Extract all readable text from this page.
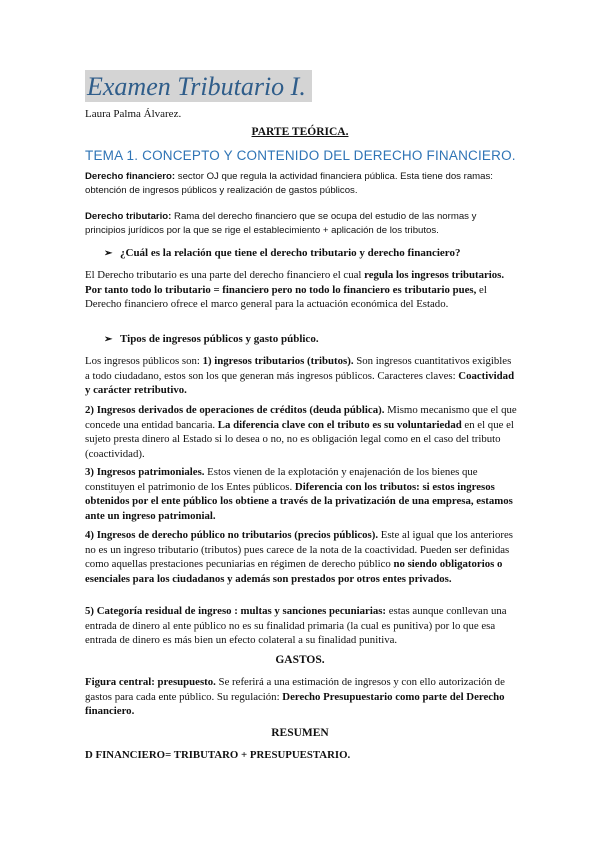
Examen Tributario I.
Laura Palma Álvarez.
PARTE TEÓRICA.
TEMA 1. CONCEPTO Y CONTENIDO DEL DERECHO FINANCIERO.
Derecho financiero: sector OJ que regula la actividad financiera pública. Esta tiene dos ramas: obtención de ingresos públicos y realización de gastos públicos.
Derecho tributario: Rama del derecho financiero que se ocupa del estudio de las normas y principios jurídicos por la que se rige el establecimiento + aplicación de los tributos.
➢ ¿Cuál es la relación que tiene el derecho tributario y derecho financiero?
El Derecho tributario es una parte del derecho financiero el cual regula los ingresos tributarios. Por tanto todo lo tributario = financiero pero no todo lo financiero es tributario pues, el Derecho financiero ofrece el marco general para la actuación económica del Estado.
➢ Tipos de ingresos públicos y gasto público.
Los ingresos públicos son: 1) ingresos tributarios (tributos). Son ingresos cuantitativos exigibles a todo ciudadano, estos son los que generan más ingresos públicos. Caracteres claves: Coactividad y carácter retributivo.
2) Ingresos derivados de operaciones de créditos (deuda pública). Mismo mecanismo que el que concede una entidad bancaria. La diferencia clave con el tributo es su voluntariedad en el que el sujeto presta dinero al Estado si lo desea o no, no es obligación legal como en el caso del tributo (coactividad).
3) Ingresos patrimoniales. Estos vienen de la explotación y enajenación de los bienes que constituyen el patrimonio de los Entes públicos. Diferencia con los tributos: si estos ingresos obtenidos por el ente público los obtiene a través de la privatización de una empresa, estamos ante un ingreso patrimonial.
4) Ingresos de derecho público no tributarios (precios públicos). Este al igual que los anteriores no es un ingreso tributario (tributos) pues carece de la nota de la coactividad. Pueden ser definidas como aquellas prestaciones pecuniarias en régimen de derecho público no siendo obligatorios o esenciales para los ciudadanos y además son prestados por otros entes privados.
5) Categoría residual de ingreso : multas y sanciones pecuniarias: estas aunque conllevan una entrada de dinero al ente público no es su finalidad primaria (la cual es punitiva) por lo que esa entrada de dinero es más bien un efecto colateral a su finalidad punitiva.
GASTOS.
Figura central: presupuesto. Se referirá a una estimación de ingresos y con ello autorización de gastos para cada ente público. Su regulación: Derecho Presupuestario como parte del Derecho financiero.
RESUMEN
D FINANCIERO= TRIBUTARO + PRESUPUESTARIO.
